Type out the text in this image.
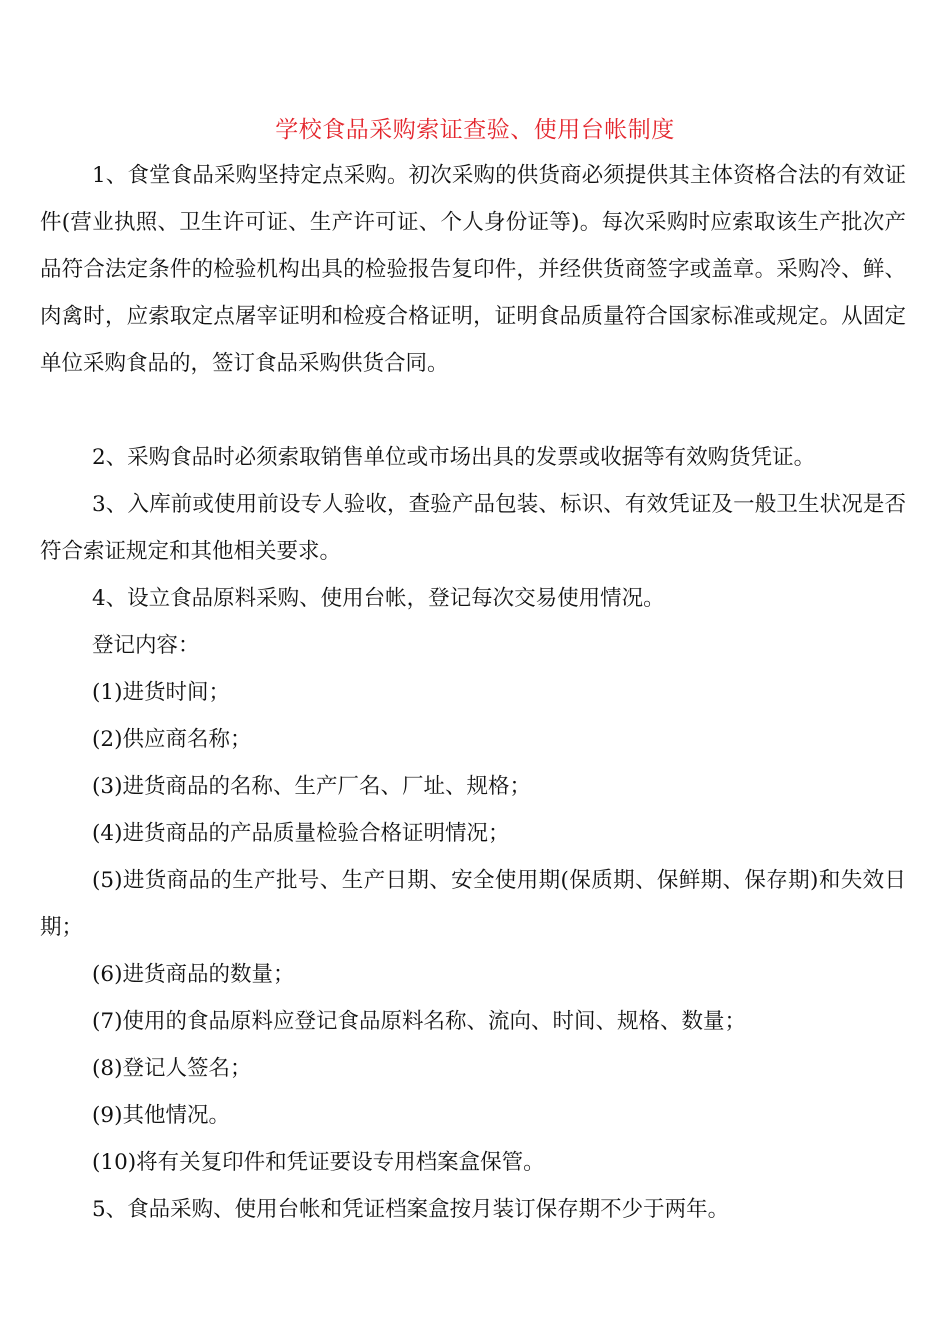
学校食品采购索证查验、使用台帐制度

1、食堂食品采购坚持定点采购。初次采购的供货商必须提供其主体资格合法的有效证件(营业执照、卫生许可证、生产许可证、个人身份证等)。每次采购时应索取该生产批次产品符合法定条件的检验机构出具的检验报告复印件，并经供货商签字或盖章。采购冷、鲜、肉禽时，应索取定点屠宰证明和检疫合格证明，证明食品质量符合国家标准或规定。从固定单位采购食品的，签订食品采购供货合同。

2、采购食品时必须索取销售单位或市场出具的发票或收据等有效购货凭证。

3、入库前或使用前设专人验收，查验产品包装、标识、有效凭证及一般卫生状况是否符合索证规定和其他相关要求。

4、设立食品原料采购、使用台帐，登记每次交易使用情况。

登记内容：

(1)进货时间；

(2)供应商名称；

(3)进货商品的名称、生产厂名、厂址、规格；

(4)进货商品的产品质量检验合格证明情况；

(5)进货商品的生产批号、生产日期、安全使用期(保质期、保鲜期、保存期)和失效日期；

(6)进货商品的数量；

(7)使用的食品原料应登记食品原料名称、流向、时间、规格、数量；

(8)登记人签名；

(9)其他情况。

(10)将有关复印件和凭证要设专用档案盒保管。

5、食品采购、使用台帐和凭证档案盒按月装订保存期不少于两年。
